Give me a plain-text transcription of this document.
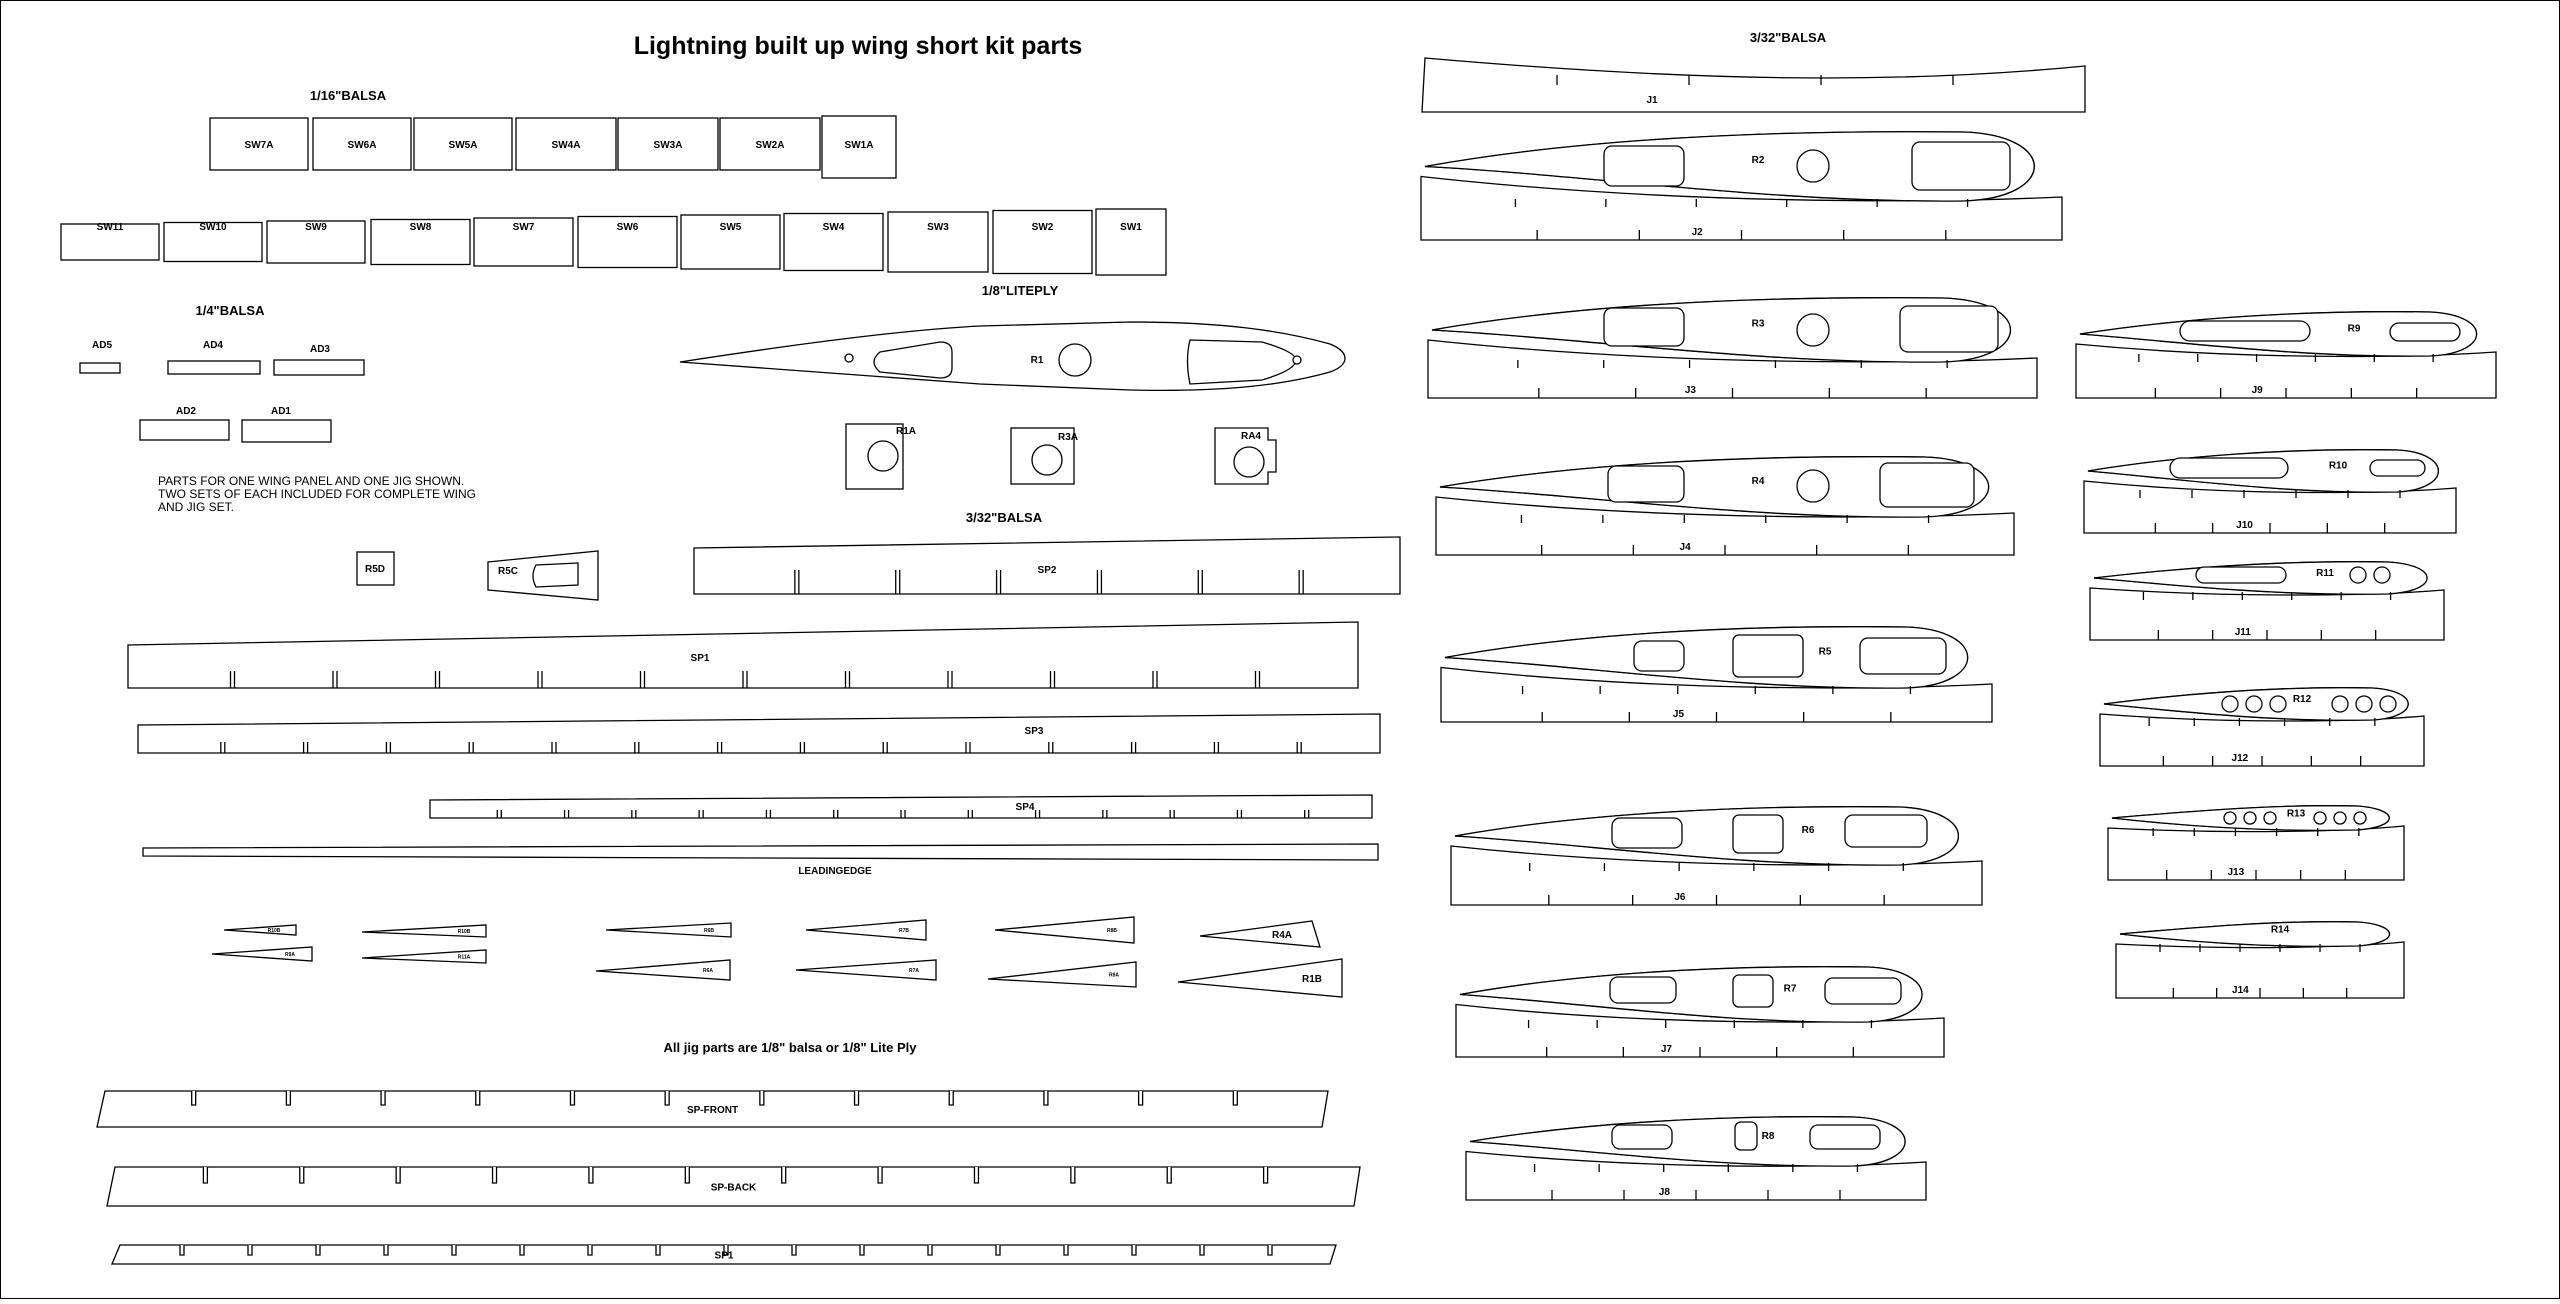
Lightning built up wing short kit parts
1/16"BALSA
1/4"BALSA
1/8"LITEPLY
3/32"BALSA
3/32"BALSA
PARTS FOR ONE WING PANEL AND ONE JIG SHOWN.
TWO SETS OF EACH INCLUDED FOR COMPLETE WING
AND JIG SET.
All jig parts are 1/8" balsa or 1/8" Lite Ply
LEADINGEDGE
AD5	AD4	AD3
AD2	AD1
R5D	R5C
R1
R1A
R3A	RA4
SW7A	SW6A	SW5A	SW4A	SW3A	SW2A	SW1A
SW11	SW10	SW9	SW8	SW7	SW6	SW5	SW4	SW3	SW2	SW1
SP2
SP1
SP3
SP4
R10B	R10B	R6B	R7B	R8B	R4A
R9A	R11A
R6A	R7A
R8A	R1B
SP-FRONT
SP-BACK
SP1
J1
R2
J2
R3
J3
R4
J4
R5
J5
R6
J6
R7
J7
R8
J8
R9
J9
R10
J10
R11
J11
R12
J12
R13
J13
R14
J14
